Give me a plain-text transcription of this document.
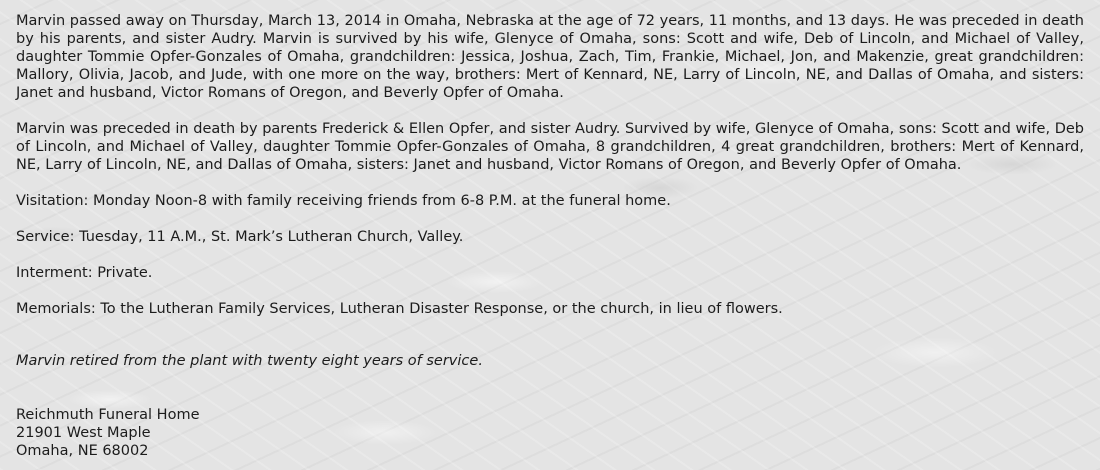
Marvin passed away on Thursday, March 13, 2014 in Omaha, Nebraska at the age of 72 years, 11 months, and 13 days. He was preceded in death by his parents, and sister Audry. Marvin is survived by his wife, Glenyce of Omaha, sons: Scott and wife, Deb of Lincoln, and Michael of Valley, daughter Tommie Opfer-Gonzales of Omaha, grandchildren: Jessica, Joshua, Zach, Tim, Frankie, Michael, Jon, and Makenzie, great grandchildren: Mallory, Olivia, Jacob, and Jude, with one more on the way, brothers: Mert of Kennard, NE, Larry of Lincoln, NE, and Dallas of Omaha, and sisters: Janet and husband, Victor Romans of Oregon, and Beverly Opfer of Omaha.

Marvin was preceded in death by parents Frederick & Ellen Opfer, and sister Audry. Survived by wife, Glenyce of Omaha, sons: Scott and wife, Deb of Lincoln, and Michael of Valley, daughter Tommie Opfer-Gonzales of Omaha, 8 grandchildren, 4 great grandchildren, brothers: Mert of Kennard, NE, Larry of Lincoln, NE, and Dallas of Omaha, sisters: Janet and husband, Victor Romans of Oregon, and Beverly Opfer of Omaha.

Visitation: Monday Noon-8 with family receiving friends from 6-8 P.M. at the funeral home.

Service: Tuesday, 11 A.M., St. Mark’s Lutheran Church, Valley.

Interment: Private.

Memorials: To the Lutheran Family Services, Lutheran Disaster Response, or the church, in lieu of flowers.

Marvin retired from the plant with twenty eight years of service.

Reichmuth Funeral Home
21901 West Maple
Omaha, NE 68002
